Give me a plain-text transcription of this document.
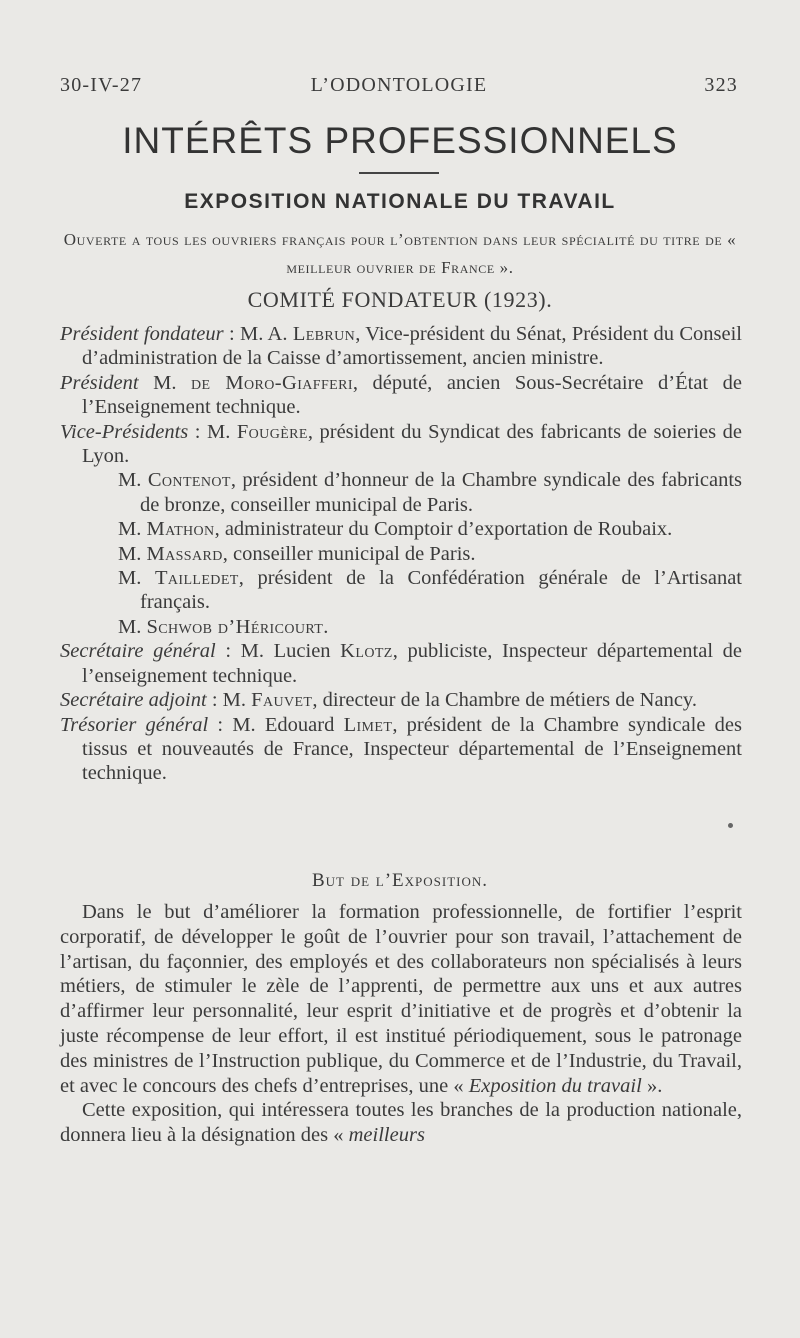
30-IV-27	L’ODONTOLOGIE	323
INTÉRÊTS PROFESSIONNELS
EXPOSITION NATIONALE DU TRAVAIL
Ouverte a tous les ouvriers français pour l’obtention dans leur spécialité du titre de « meilleur ouvrier de France ».
COMITÉ FONDATEUR (1923).

Président fondateur : M. A. Lebrun, Vice-président du Sénat, Président du Conseil d’administration de la Caisse d’amortissement, ancien ministre.

Président M. de Moro-Giafferi, député, ancien Sous-Secrétaire d’État de l’Enseignement technique.

Vice-Présidents : M. Fougère, président du Syndicat des fabricants de soieries de Lyon.

M. Contenot, président d’honneur de la Chambre syndicale des fabricants de bronze, conseiller municipal de Paris.

M. Mathon, administrateur du Comptoir d’exportation de Roubaix.

M. Massard, conseiller municipal de Paris.

M. Tailledet, président de la Confédération générale de l’Artisanat français.

M. Schwob d’Héricourt.

Secrétaire général : M. Lucien Klotz, publiciste, Inspecteur départemental de l’enseignement technique.

Secrétaire adjoint : M. Fauvet, directeur de la Chambre de métiers de Nancy.

Trésorier général : M. Edouard Limet, président de la Chambre syndicale des tissus et nouveautés de France, Inspecteur départemental de l’Enseignement technique.

But de l’Exposition.

Dans le but d’améliorer la formation professionnelle, de fortifier l’esprit corporatif, de développer le goût de l’ouvrier pour son travail, l’attachement de l’artisan, du façonnier, des employés et des collaborateurs non spécialisés à leurs métiers, de stimuler le zèle de l’apprenti, de permettre aux uns et aux autres d’affirmer leur personnalité, leur esprit d’initiative et de progrès et d’obtenir la juste récompense de leur effort, il est institué périodiquement, sous le patronage des ministres de l’Instruction publique, du Commerce et de l’Industrie, du Travail, et avec le concours des chefs d’entreprises, une « Exposition du travail ».

Cette exposition, qui intéressera toutes les branches de la production nationale, donnera lieu à la désignation des « meilleurs
